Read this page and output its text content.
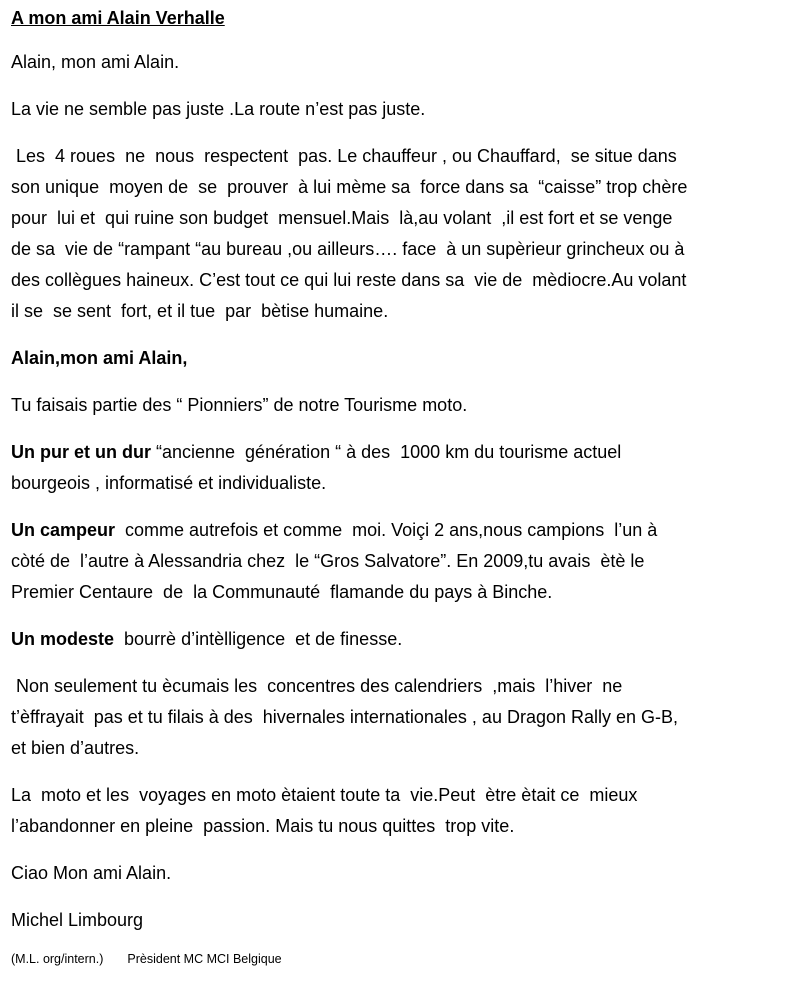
A mon ami Alain Verhalle
Alain, mon ami Alain.
La vie ne semble pas juste .La route n’est pas juste.
Les  4 roues  ne  nous  respectent  pas. Le chauffeur , ou Chauffard,  se situe dans
son unique  moyen de  se  prouver  à lui mème sa  force dans sa  “caisse” trop chère
pour  lui et  qui ruine son budget  mensuel.Mais  là,au volant  ,il est fort et se venge
de sa  vie de “rampant “au bureau ,ou ailleurs…. face  à un supèrieur grincheux ou à
des collègues haineux. C’est tout ce qui lui reste dans sa  vie de  mèdiocre.Au volant
il se  se sent  fort, et il tue  par  bètise humaine.
Alain,mon ami Alain,
Tu faisais partie des “ Pionniers” de notre Tourisme moto.
Un pur et un dur “ancienne  génération “ à des  1000 km du tourisme actuel
bourgeois , informatisé et individualiste.
Un campeur  comme autrefois et comme  moi. Voiçi 2 ans,nous campions  l’un à
còté de  l’autre à Alessandria chez  le “Gros Salvatore”. En 2009,tu avais  ètè le
Premier Centaure  de  la Communauté  flamande du pays à Binche.
Un modeste  bourrè d’intèlligence  et de finesse.
Non seulement tu ècumais les  concentres des calendriers  ,mais  l’hiver  ne
t’èffrayait  pas et tu filais à des  hivernales internationales , au Dragon Rally en G-B,
et bien d’autres.
La  moto et les  voyages en moto ètaient toute ta  vie.Peut  ètre ètait ce  mieux
l’abandonner en pleine  passion. Mais tu nous quittes  trop vite.
Ciao Mon ami Alain.
Michel Limbourg
(M.L. org/intern.) Prèsident MC MCI Belgique
